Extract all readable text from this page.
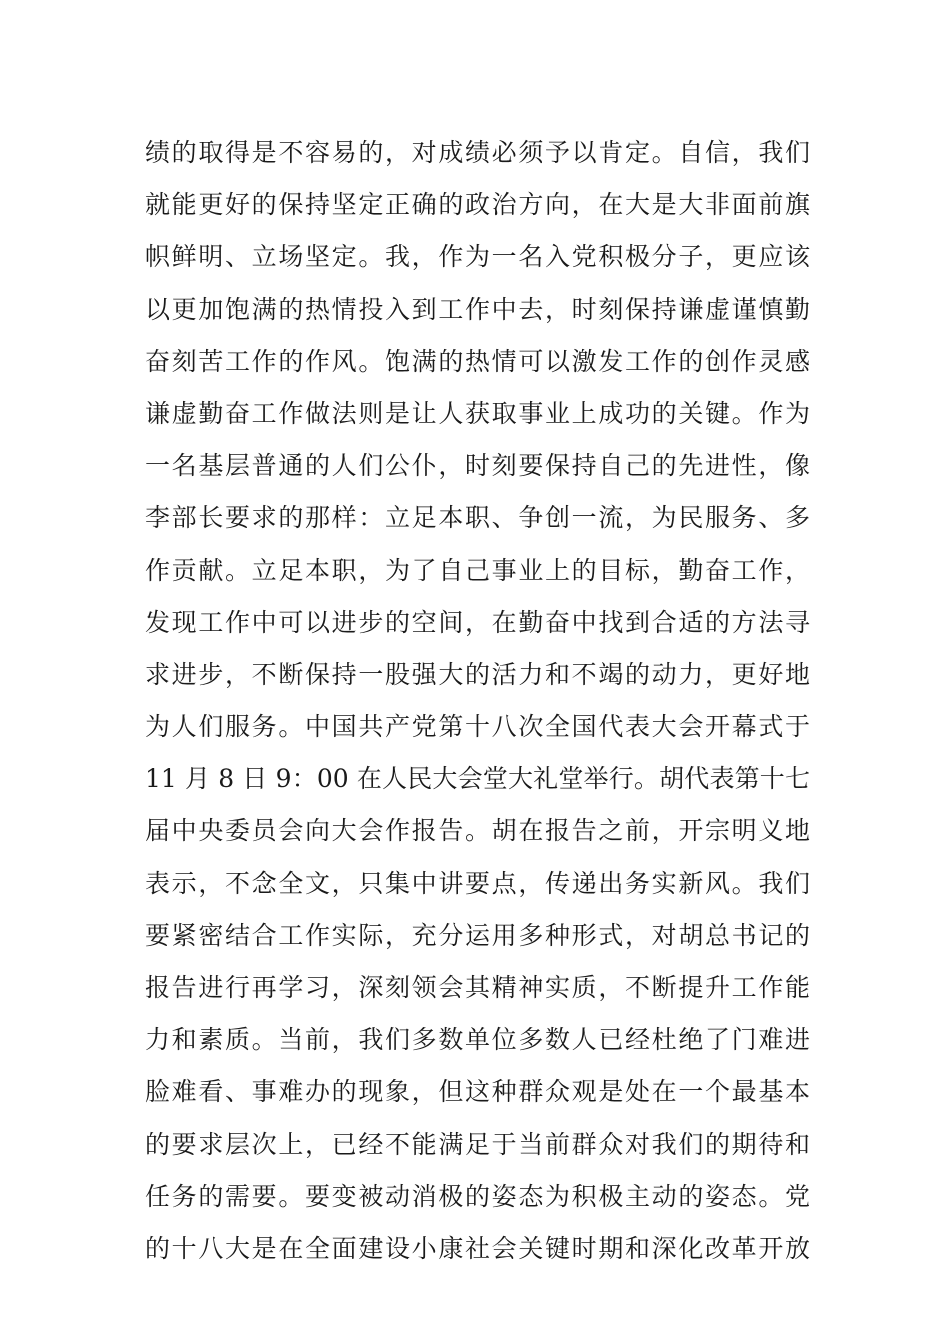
绩的取得是不容易的，对成绩必须予以肯定。自信，我们
就能更好的保持坚定正确的政治方向，在大是大非面前旗
帜鲜明、立场坚定。我，作为一名入党积极分子，更应该
以更加饱满的热情投入到工作中去，时刻保持谦虚谨慎勤
奋刻苦工作的作风。饱满的热情可以激发工作的创作灵感
谦虚勤奋工作做法则是让人获取事业上成功的关键。作为
一名基层普通的人们公仆，时刻要保持自己的先进性，像
李部长要求的那样：立足本职、争创一流，为民服务、多
作贡献。立足本职，为了自己事业上的目标，勤奋工作，
发现工作中可以进步的空间，在勤奋中找到合适的方法寻
求进步，不断保持一股强大的活力和不竭的动力，更好地
为人们服务。中国共产党第十八次全国代表大会开幕式于
11 月 8 日 9：00 在人民大会堂大礼堂举行。胡代表第十七
届中央委员会向大会作报告。胡在报告之前，开宗明义地
表示，不念全文，只集中讲要点，传递出务实新风。我们
要紧密结合工作实际，充分运用多种形式，对胡总书记的
报告进行再学习，深刻领会其精神实质，不断提升工作能
力和素质。当前，我们多数单位多数人已经杜绝了门难进
脸难看、事难办的现象，但这种群众观是处在一个最基本
的要求层次上，已经不能满足于当前群众对我们的期待和
任务的需要。要变被动消极的姿态为积极主动的姿态。党
的十八大是在全面建设小康社会关键时期和深化改革开放
